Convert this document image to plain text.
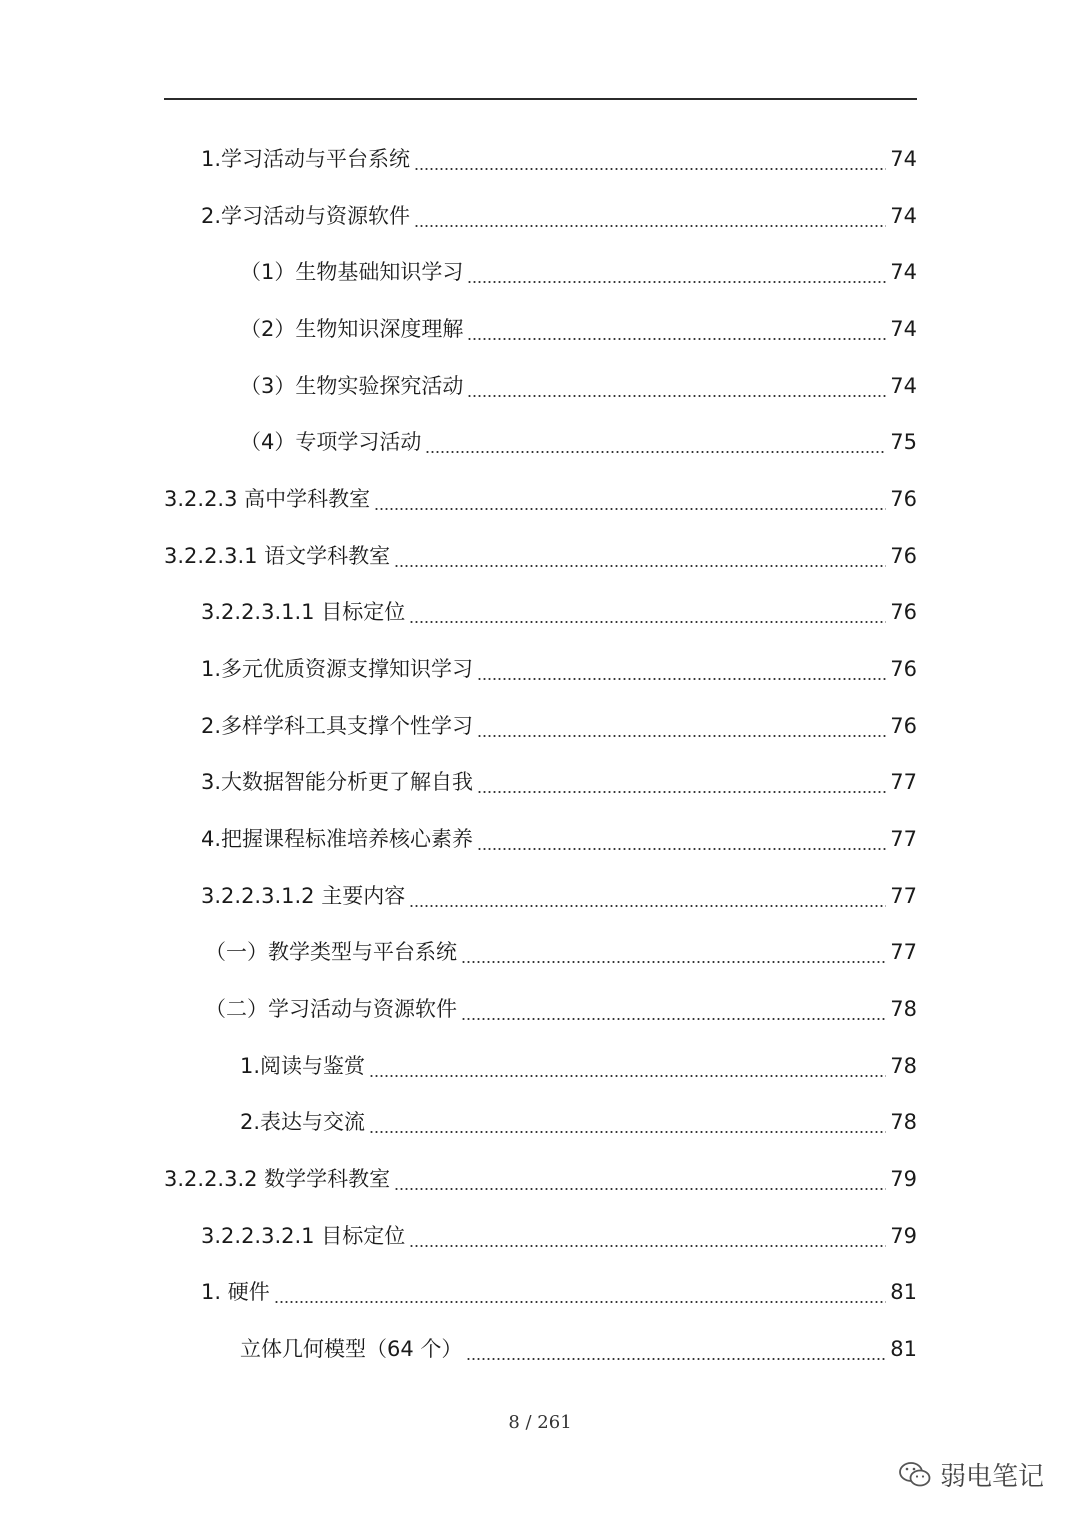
1.学习活动与平台系统	74
2.学习活动与资源软件	74
（1）生物基础知识学习	74
（2）生物知识深度理解	74
（3）生物实验探究活动	74
（4）专项学习活动	75
3.2.2.3 高中学科教室	76
3.2.2.3.1 语文学科教室	76
3.2.2.3.1.1 目标定位	76
1.多元优质资源支撑知识学习	76
2.多样学科工具支撑个性学习	76
3.大数据智能分析更了解自我	77
4.把握课程标准培养核心素养	77
3.2.2.3.1.2 主要内容	77
（一）教学类型与平台系统	77
（二）学习活动与资源软件	78
1.阅读与鉴赏	78
2.表达与交流	78
3.2.2.3.2 数学学科教室	79
3.2.2.3.2.1 目标定位	79
1. 硬件	81
立体几何模型（64 个）	81
8 / 261
弱电笔记
